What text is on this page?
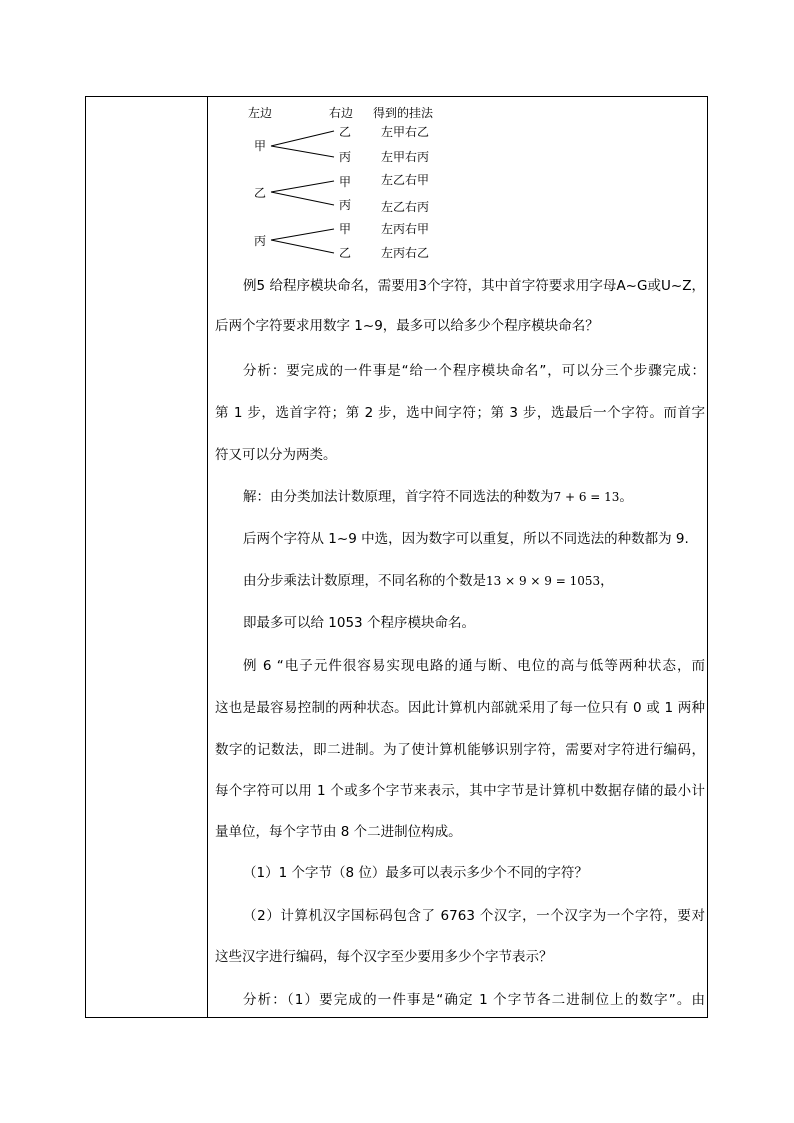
左边	右边 得到的挂法
甲
乙 左甲右乙
丙 左甲右丙
乙
甲 左乙右甲
丙 左乙右丙
丙
甲 左丙右甲
乙 左丙右乙
例5 给程序模块命名，需要用3个字符，其中首字符要求用字母A~G或U~Z，
后两个字符要求用数字 1~9，最多可以给多少个程序模块命名？
分析：要完成的一件事是“给一个程序模块命名”，可以分三个步骤完成：
第 1 步，选首字符；第 2 步，选中间字符；第 3 步，选最后一个字符。而首字
符又可以分为两类。
解：由分类加法计数原理，首字符不同选法的种数为7 + 6 = 13。
后两个字符从 1~9 中选，因为数字可以重复，所以不同选法的种数都为 9.
由分步乘法计数原理，不同名称的个数是13 × 9 × 9 = 1053，
即最多可以给 1053 个程序模块命名。
例 6 “电子元件很容易实现电路的通与断、电位的高与低等两种状态，而
这也是最容易控制的两种状态。因此计算机内部就采用了每一位只有 0 或 1 两种
数字的记数法，即二进制。为了使计算机能够识别字符，需要对字符进行编码，
每个字符可以用 1 个或多个字节来表示，其中字节是计算机中数据存储的最小计
量单位，每个字节由 8 个二进制位构成。
（1）1 个字节（8 位）最多可以表示多少个不同的字符？
（2）计算机汉字国标码包含了 6763 个汉字，一个汉字为一个字符，要对
这些汉字进行编码，每个汉字至少要用多少个字节表示？
分析：（1）要完成的一件事是“确定 1 个字节各二进制位上的数字”。由
